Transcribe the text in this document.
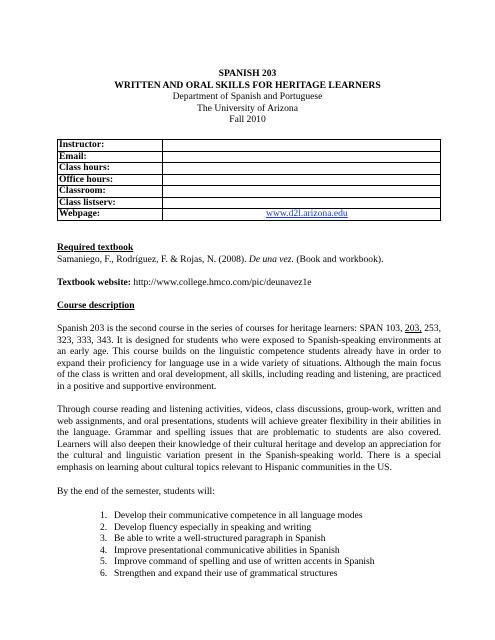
SPANISH 203
WRITTEN AND ORAL SKILLS FOR HERITAGE LEARNERS
Department of Spanish and Portuguese
The University of Arizona
Fall 2010
Instructor:	
Email:	
Class hours:	
Office hours:	
Classroom:	
Class listserv:	
Webpage:	www.d2l.arizona.edu

Required textbook
Samaniego, F., Rodríguez, F. & Rojas, N. (2008). De una vez. (Book and workbook).

Textbook website: http://www.college.hmco.com/pic/deunavez1e

Course description

Spanish 203 is the second course in the series of courses for heritage learners: SPAN 103, 203, 253, 323, 333, 343. It is designed for students who were exposed to Spanish-speaking environments at an early age. This course builds on the linguistic competence students already have in order to expand their proficiency for language use in a wide variety of situations. Although the main focus of the class is written and oral development, all skills, including reading and listening, are practiced in a positive and supportive environment.

Through course reading and listening activities, videos, class discussions, group-work, written and web assignments, and oral presentations, students will achieve greater flexibility in their abilities in the language. Grammar and spelling issues that are problematic to students are also covered. Learners will also deepen their knowledge of their cultural heritage and develop an appreciation for the cultural and linguistic variation present in the Spanish-speaking world. There is a special emphasis on learning about cultural topics relevant to Hispanic communities in the US.

By the end of the semester, students will:

1. Develop their communicative competence in all language modes
2. Develop fluency especially in speaking and writing
3. Be able to write a well-structured paragraph in Spanish
4. Improve presentational communicative abilities in Spanish
5. Improve command of spelling and use of written accents in Spanish
6. Strengthen and expand their use of grammatical structures
